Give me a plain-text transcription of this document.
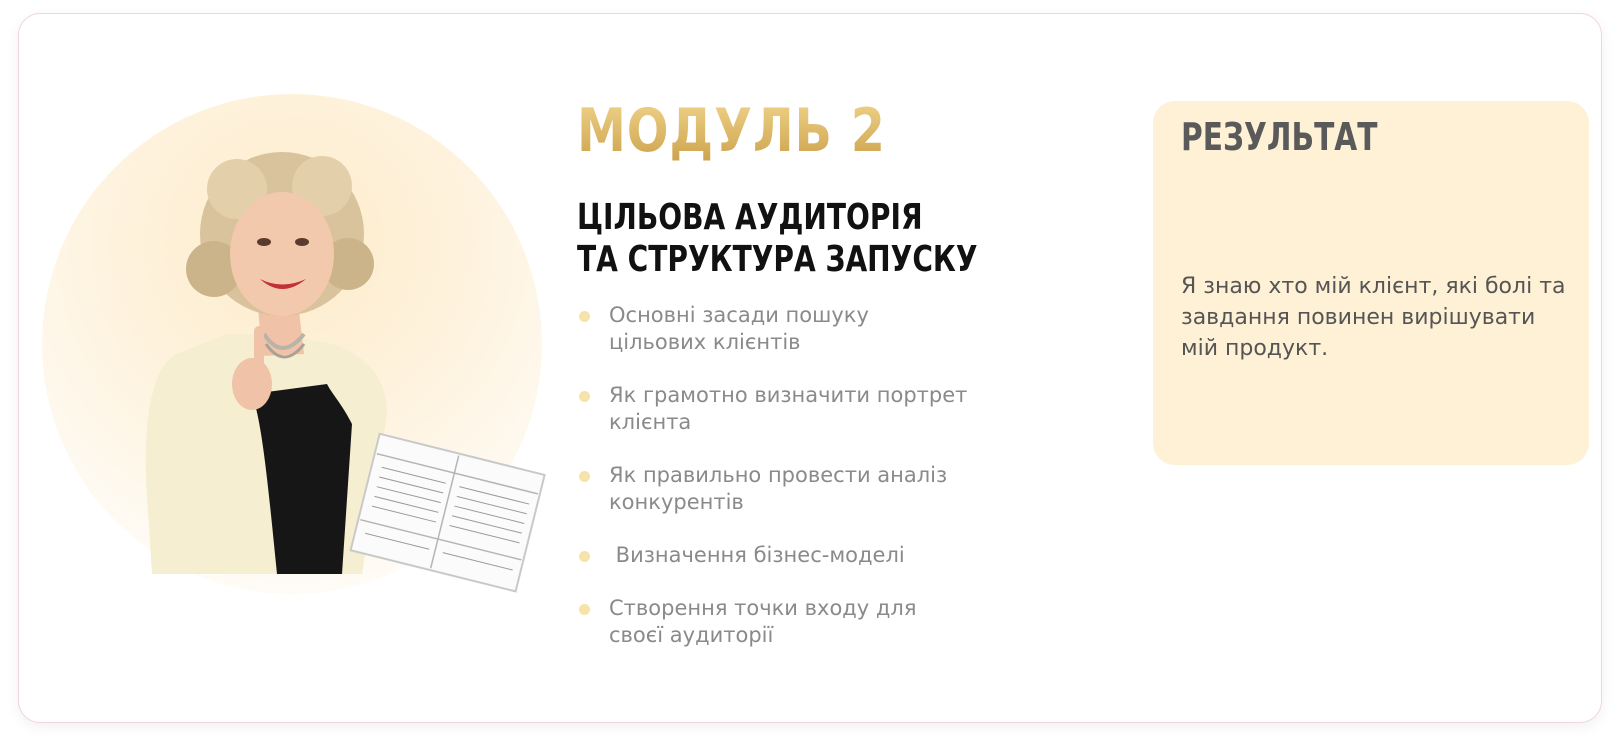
МОДУЛЬ 2
ЦІЛЬОВА АУДИТОРІЯ
ТА СТРУКТУРА ЗАПУСКУ
Основні засади пошуку
цільових клієнтів
Як грамотно визначити портрет
клієнта
Як правильно провести аналіз
конкурентів
Визначення бізнес-моделі
Створення точки входу для
своєї аудиторії
РЕЗУЛЬТАТ
Я знаю хто мій клієнт, які болі та завдання повинен вирішувати мій продукт.
